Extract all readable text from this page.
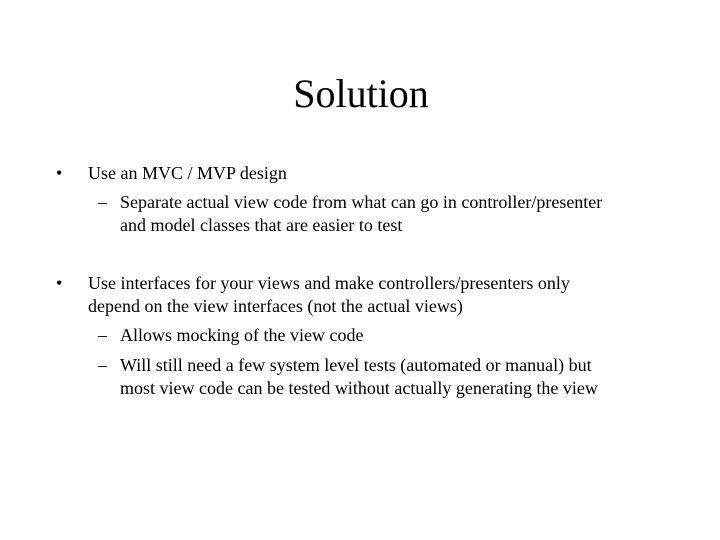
Solution
•	Use an MVC / MVP design
– Separate actual view code from what can go in controller/presenter
and model classes that are easier to test
•	Use interfaces for your views and make controllers/presenters only
depend on the view interfaces (not the actual views)
– Allows mocking of the view code
– Will still need a few system level tests (automated or manual) but
most view code can be tested without actually generating the view
